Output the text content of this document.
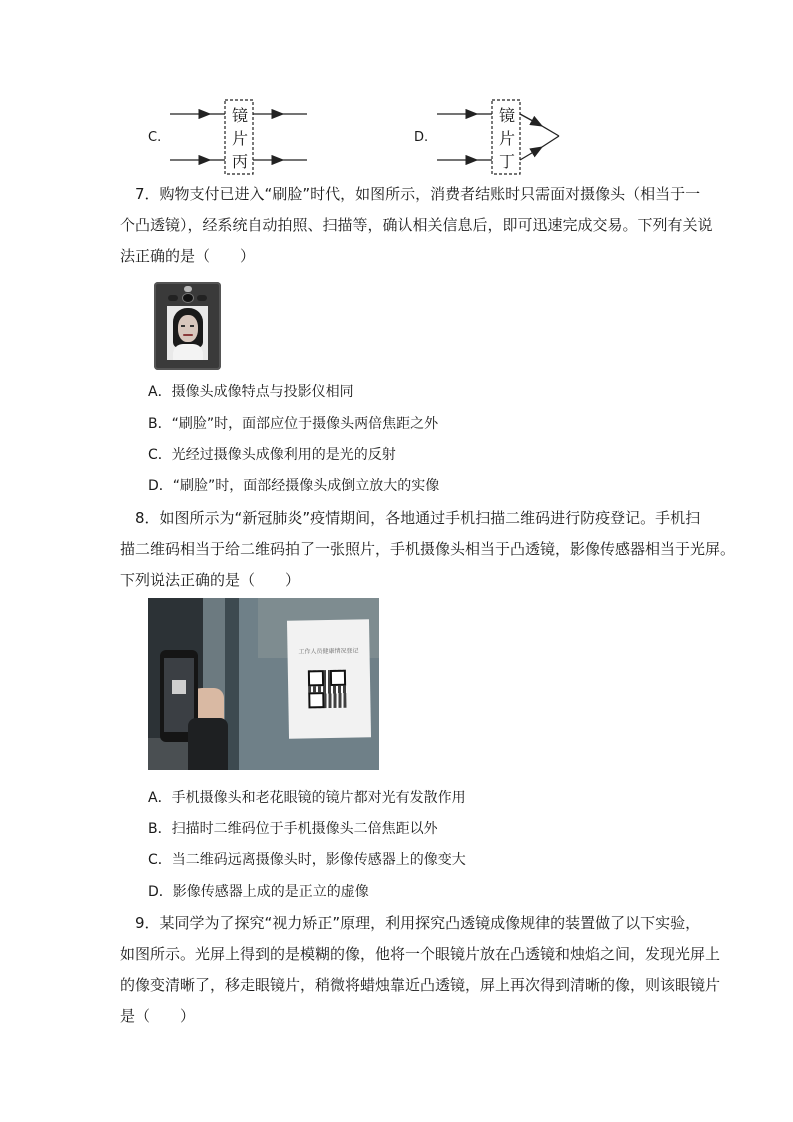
C.
镜
片
丙
D.
镜
片
丁
7．购物支付已进入“刷脸”时代，如图所示，消费者结账时只需面对摄像头（相当于一
个凸透镜），经系统自动拍照、扫描等，确认相关信息后，即可迅速完成交易。下列有关说
法正确的是（　　）
A．摄像头成像特点与投影仪相同
B．“刷脸”时，面部应位于摄像头两倍焦距之外
C．光经过摄像头成像利用的是光的反射
D．“刷脸”时，面部经摄像头成倒立放大的实像
8．如图所示为“新冠肺炎”疫情期间，各地通过手机扫描二维码进行防疫登记。手机扫
描二维码相当于给二维码拍了一张照片，手机摄像头相当于凸透镜，影像传感器相当于光屏。
下列说法正确的是（　　）
工作人员健康情况登记
A．手机摄像头和老花眼镜的镜片都对光有发散作用
B．扫描时二维码位于手机摄像头二倍焦距以外
C．当二维码远离摄像头时，影像传感器上的像变大
D．影像传感器上成的是正立的虚像
9．某同学为了探究“视力矫正”原理，利用探究凸透镜成像规律的装置做了以下实验，
如图所示。光屏上得到的是模糊的像，他将一个眼镜片放在凸透镜和烛焰之间，发现光屏上
的像变清晰了，移走眼镜片，稍微将蜡烛靠近凸透镜，屏上再次得到清晰的像，则该眼镜片
是（　　）
